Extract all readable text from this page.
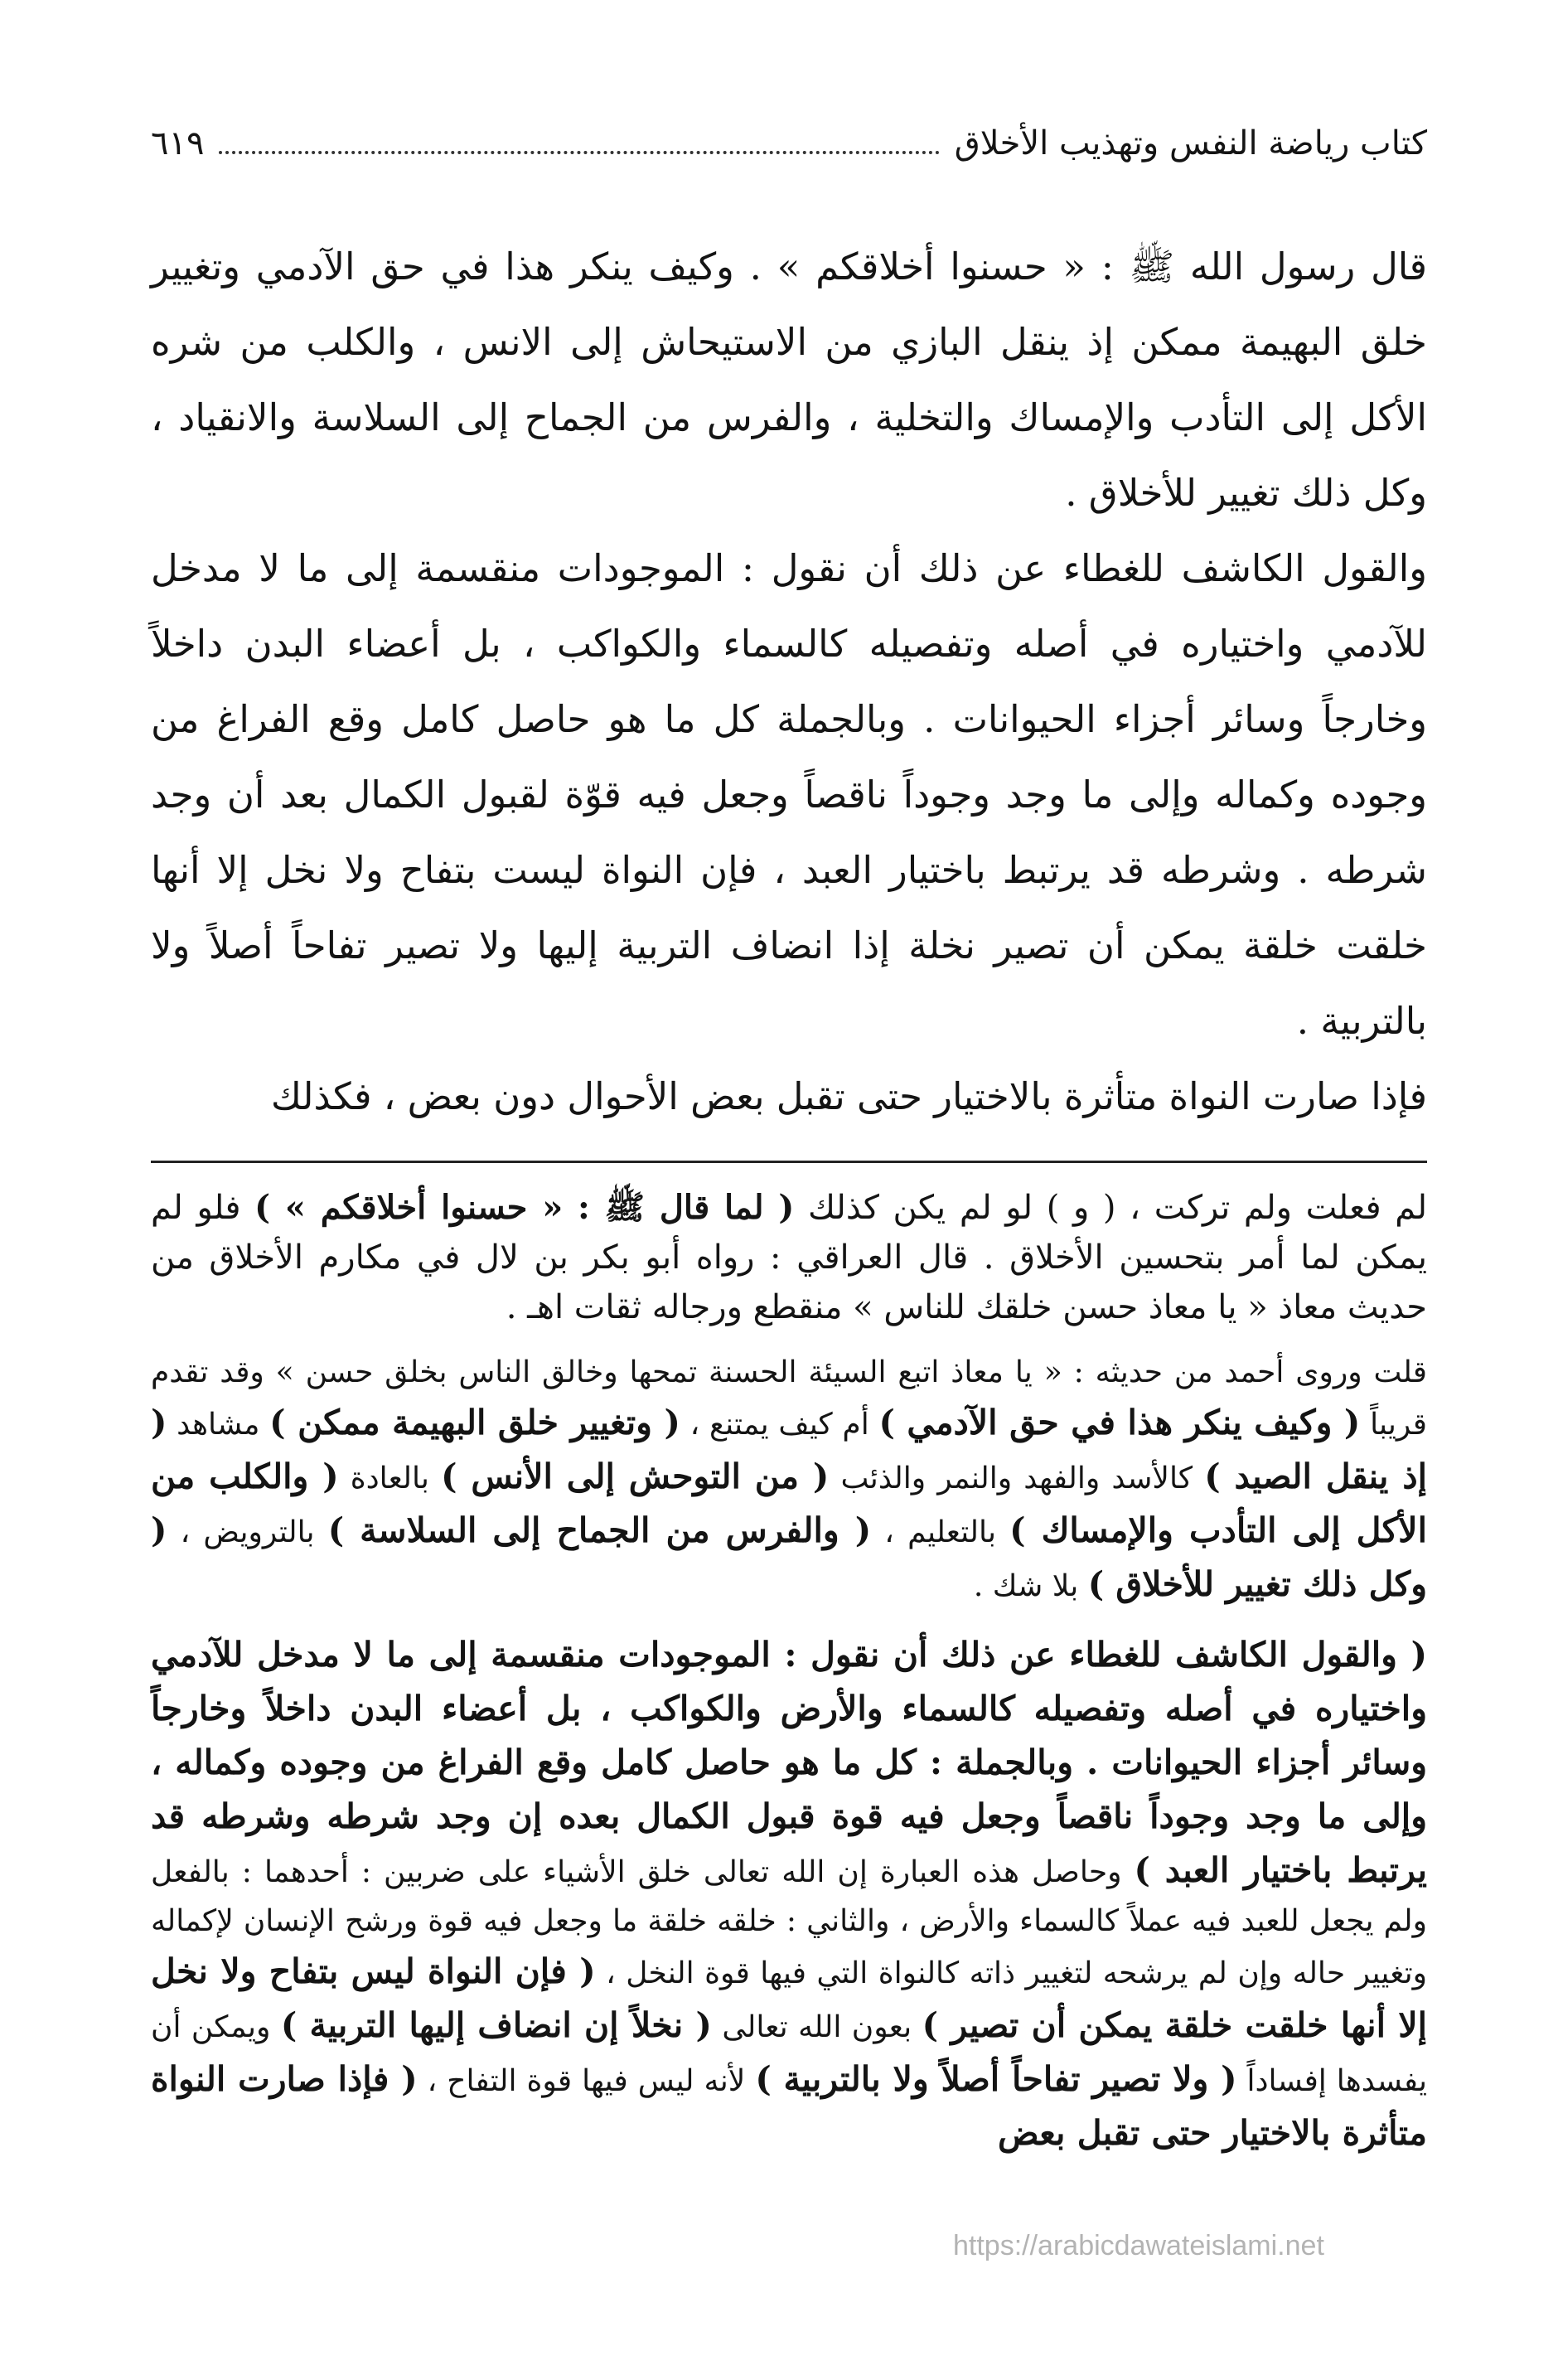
كتاب رياضة النفس وتهذيب الأخلاق
٦١٩

قال رسول الله ﷺ : « حسنوا أخلاقكم » . وكيف ينكر هذا في حق الآدمي وتغيير خلق البهيمة ممكن إذ ينقل البازي من الاستيحاش إلى الانس ، والكلب من شره الأكل إلى التأدب والإمساك والتخلية ، والفرس من الجماح إلى السلاسة والانقياد ، وكل ذلك تغيير للأخلاق .

والقول الكاشف للغطاء عن ذلك أن نقول : الموجودات منقسمة إلى ما لا مدخل للآدمي واختياره في أصله وتفصيله كالسماء والكواكب ، بل أعضاء البدن داخلاً وخارجاً وسائر أجزاء الحيوانات . وبالجملة كل ما هو حاصل كامل وقع الفراغ من وجوده وكماله وإلى ما وجد وجوداً ناقصاً وجعل فيه قوّة لقبول الكمال بعد أن وجد شرطه . وشرطه قد يرتبط باختيار العبد ، فإن النواة ليست بتفاح ولا نخل إلا أنها خلقت خلقة يمكن أن تصير نخلة إذا انضاف التربية إليها ولا تصير تفاحاً أصلاً ولا بالتربية .

فإذا صارت النواة متأثرة بالاختيار حتى تقبل بعض الأحوال دون بعض ، فكذلك

لم فعلت ولم تركت ، ( و ) لو لم يكن كذلك ( لما قال ﷺ : « حسنوا أخلاقكم » ) فلو لم يمكن لما أمر بتحسين الأخلاق . قال العراقي : رواه أبو بكر بن لال في مكارم الأخلاق من حديث معاذ « يا معاذ حسن خلقك للناس » منقطع ورجاله ثقات اهـ .

قلت وروى أحمد من حديثه : « يا معاذ اتبع السيئة الحسنة تمحها وخالق الناس بخلق حسن » وقد تقدم قريباً ( وكيف ينكر هذا في حق الآدمي ) أم كيف يمتنع ، ( وتغيير خلق البهيمة ممكن ) مشاهد ( إذ ينقل الصيد ) كالأسد والفهد والنمر والذئب ( من التوحش إلى الأنس ) بالعادة ( والكلب من الأكل إلى التأدب والإمساك ) بالتعليم ، ( والفرس من الجماح إلى السلاسة ) بالترويض ، ( وكل ذلك تغيير للأخلاق ) بلا شك .

( والقول الكاشف للغطاء عن ذلك أن نقول : الموجودات منقسمة إلى ما لا مدخل للآدمي واختياره في أصله وتفصيله كالسماء والأرض والكواكب ، بل أعضاء البدن داخلاً وخارجاً وسائر أجزاء الحيوانات . وبالجملة : كل ما هو حاصل كامل وقع الفراغ من وجوده وكماله ، وإلى ما وجد وجوداً ناقصاً وجعل فيه قوة قبول الكمال بعده إن وجد شرطه وشرطه قد يرتبط باختيار العبد ) وحاصل هذه العبارة إن الله تعالى خلق الأشياء على ضربين : أحدهما : بالفعل ولم يجعل للعبد فيه عملاً كالسماء والأرض ، والثاني : خلقه خلقة ما وجعل فيه قوة ورشح الإنسان لإكماله وتغيير حاله وإن لم يرشحه لتغيير ذاته كالنواة التي فيها قوة النخل ، ( فإن النواة ليس بتفاح ولا نخل إلا أنها خلقت خلقة يمكن أن تصير ) بعون الله تعالى ( نخلاً إن انضاف إليها التربية ) ويمكن أن يفسدها إفساداً ( ولا تصير تفاحاً أصلاً ولا بالتربية ) لأنه ليس فيها قوة التفاح ، ( فإذا صارت النواة متأثرة بالاختيار حتى تقبل بعض

https://arabicdawateislami.net
